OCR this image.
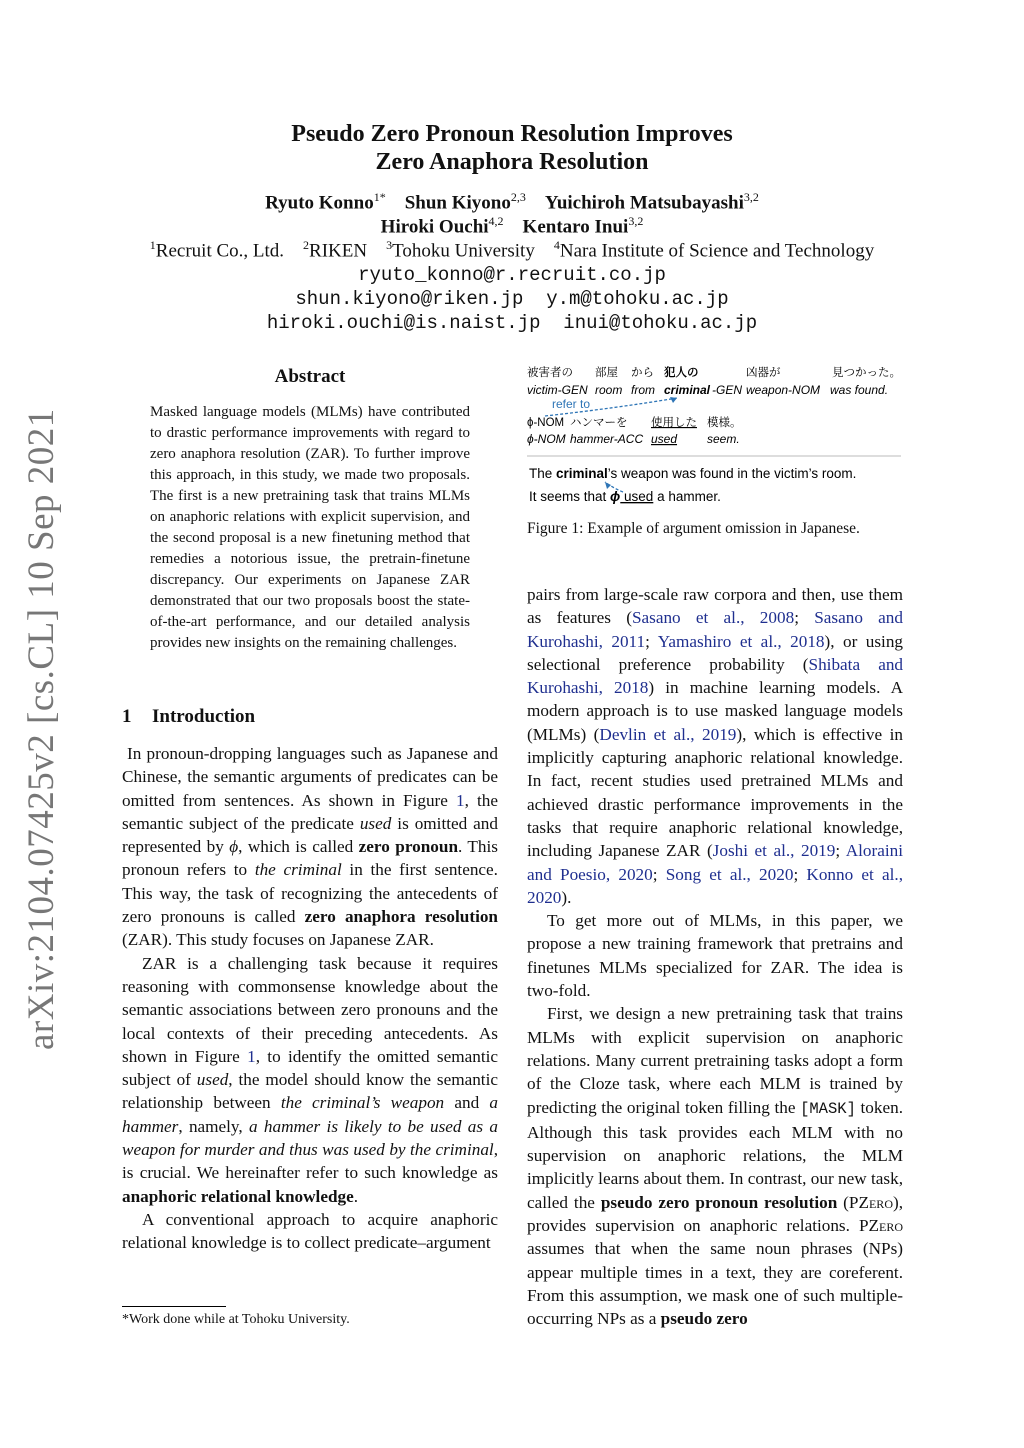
arXiv:2104.07425v2 [cs.CL] 10 Sep 2021
Pseudo Zero Pronoun Resolution Improves
Zero Anaphora Resolution
Ryuto Konno$^{1*}$ Shun Kiyono$^{2,3}$ Yuichiroh Matsubayashi$^{3,2}$
Hiroki Ouchi$^{4,2}$ Kentaro Inui$^{3,2}$
$^1$Recruit Co., Ltd. $^2$RIKEN $^3$Tohoku University $^4$Nara Institute of Science and Technology
ryuto_konno@r.recruit.co.jp
shun.kiyono@riken.jp  y.m@tohoku.ac.jp
hiroki.ouchi@is.naist.jp  inui@tohoku.ac.jp
Abstract
Masked language models (MLMs) have contributed to drastic performance improvements with regard to zero anaphora resolution (ZAR). To further improve this approach, in this study, we made two proposals. The first is a new pretraining task that trains MLMs on anaphoric relations with explicit supervision, and the second proposal is a new finetuning method that remedies a notorious issue, the pretrain-finetune discrepancy. Our experiments on Japanese ZAR demonstrated that our two proposals boost the state-of-the-art performance, and our detailed analysis provides new insights on the remaining challenges.
1 Introduction

In pronoun-dropping languages such as Japanese and Chinese, the semantic arguments of predicates can be omitted from sentences. As shown in Figure 1, the semantic subject of the predicate used is omitted and represented by ϕ, which is called zero pronoun. This pronoun refers to the criminal in the first sentence. This way, the task of recognizing the antecedents of zero pronouns is called zero anaphora resolution (ZAR). This study focuses on Japanese ZAR.

ZAR is a challenging task because it requires reasoning with commonsense knowledge about the semantic associations between zero pronouns and the local contexts of their preceding antecedents. As shown in Figure 1, to identify the omitted semantic subject of used, the model should know the semantic relationship between the criminal’s weapon and a hammer, namely, a hammer is likely to be used as a weapon for murder and thus was used by the criminal, is crucial. We hereinafter refer to such knowledge as anaphoric relational knowledge.

A conventional approach to acquire anaphoric relational knowledge is to collect predicate–argument

*Work done while at Tohoku University.
被害者の 部屋 から 犯人の	凶器が	見つかった。
victim-GEN room from criminal -GEN weapon-NOM was found.
refer to
ϕ-NOM ハンマーを 使用した 模様。
ϕ-NOM hammer-ACC used seem.
The criminal’s weapon was found in the victim’s room.
It seems that ϕ used a hammer.
Figure 1: Example of argument omission in Japanese.

pairs from large-scale raw corpora and then, use them as features (Sasano et al., 2008; Sasano and Kurohashi, 2011; Yamashiro et al., 2018), or using selectional preference probability (Shibata and Kurohashi, 2018) in machine learning models. A modern approach is to use masked language models (MLMs) (Devlin et al., 2019), which is effective in implicitly capturing anaphoric relational knowledge. In fact, recent studies used pretrained MLMs and achieved drastic performance improvements in the tasks that require anaphoric relational knowledge, including Japanese ZAR (Joshi et al., 2019; Aloraini and Poesio, 2020; Song et al., 2020; Konno et al., 2020).

To get more out of MLMs, in this paper, we propose a new training framework that pretrains and finetunes MLMs specialized for ZAR. The idea is two-fold.

First, we design a new pretraining task that trains MLMs with explicit supervision on anaphoric relations. Many current pretraining tasks adopt a form of the Cloze task, where each MLM is trained by predicting the original token filling the [MASK] token. Although this task provides each MLM with no supervision on anaphoric relations, the MLM implicitly learns about them. In contrast, our new task, called the pseudo zero pronoun resolution (PZero), provides supervision on anaphoric relations. PZero assumes that when the same noun phrases (NPs) appear multiple times in a text, they are coreferent. From this assumption, we mask one of such multiple-occurring NPs as a pseudo zero
